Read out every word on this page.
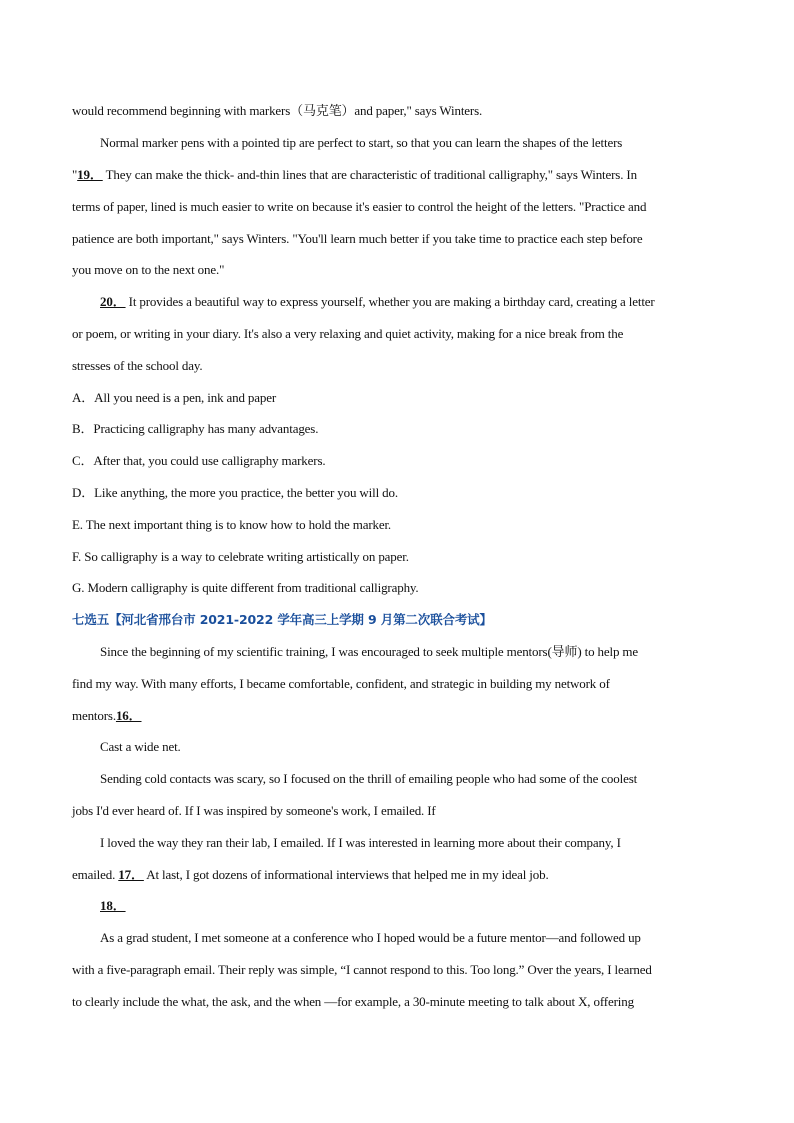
would recommend beginning with markers（马克笔）and paper," says Winters.
Normal marker pens with a pointed tip are perfect to start, so that you can learn the shapes of the letters
"19． They can make the thick- and-thin lines that are characteristic of traditional calligraphy," says Winters. In
terms of paper, lined is much easier to write on because it's easier to control the height of the letters. "Practice and
patience are both important," says Winters. "You'll learn much better if you take time to practice each step before
you move on to the next one."
20． It provides a beautiful way to express yourself, whether you are making a birthday card, creating a letter
or poem, or writing in your diary. It's also a very relaxing and quiet activity, making for a nice break from the
stresses of the school day.
A．All you need is a pen, ink and paper
B．Practicing calligraphy has many advantages.
C．After that, you could use calligraphy markers.
D．Like anything, the more you practice, the better you will do.
E. The next important thing is to know how to hold the marker.
F. So calligraphy is a way to celebrate writing artistically on paper.
G. Modern calligraphy is quite different from traditional calligraphy.
七选五【河北省邢台市 2021-2022 学年高三上学期 9 月第二次联合考试】
Since the beginning of my scientific training, I was encouraged to seek multiple mentors(导师) to help me
find my way. With many efforts, I became comfortable, confident, and strategic in building my network of
mentors.16．
Cast a wide net.
Sending cold contacts was scary, so I focused on the thrill of emailing people who had some of the coolest
jobs I'd ever heard of. If I was inspired by someone's work, I emailed. If
I loved the way they ran their lab, I emailed. If I was interested in learning more about their company, I
emailed. 17． At last, I got dozens of informational interviews that helped me in my ideal job.
18．
As a grad student, I met someone at a conference who I hoped would be a future mentor—and followed up
with a five-paragraph email. Their reply was simple, “I cannot respond to this. Too long.” Over the years, I learned
to clearly include the what, the ask, and the when —for example, a 30-minute meeting to talk about X, offering
